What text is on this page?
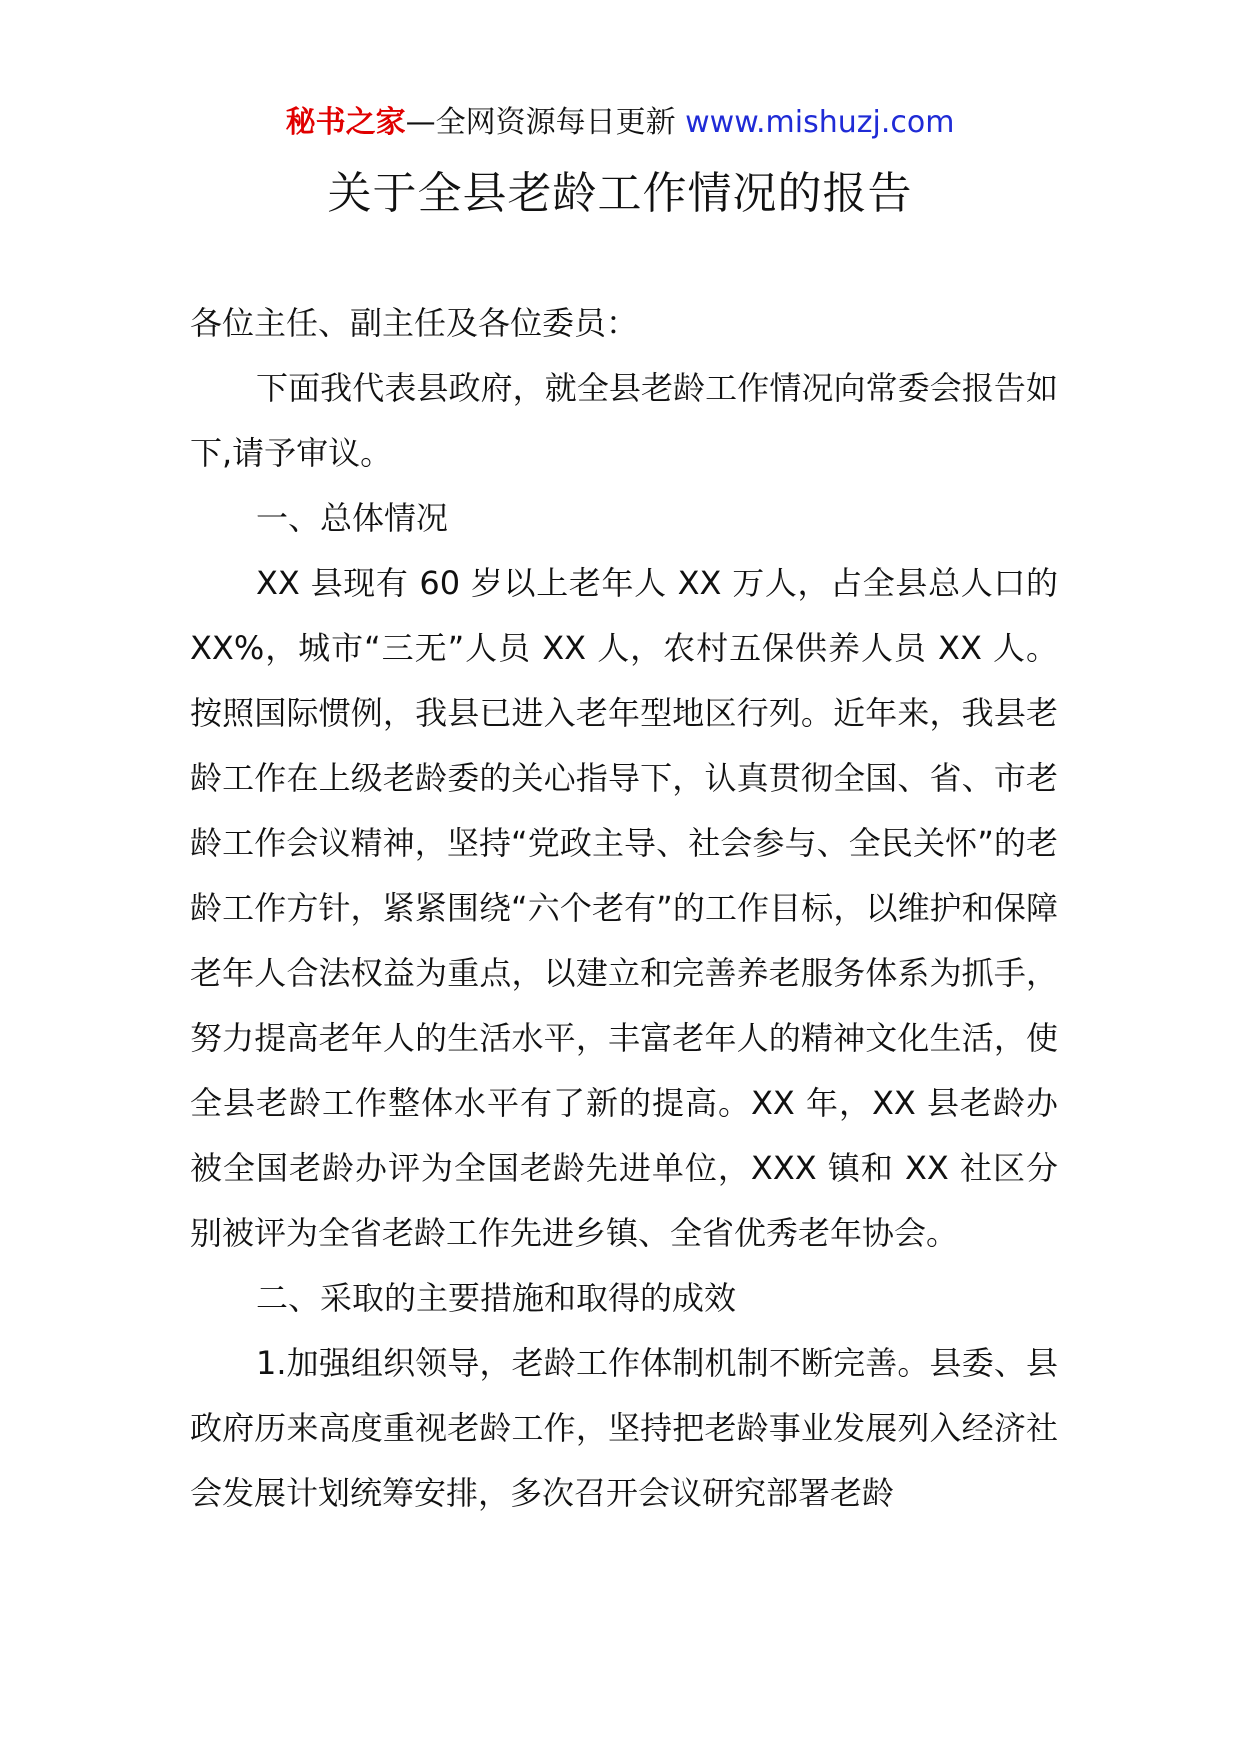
秘书之家—全网资源每日更新 www.mishuzj.com
关于全县老龄工作情况的报告

各位主任、副主任及各位委员：

下面我代表县政府，就全县老龄工作情况向常委会报告如下,请予审议。

一、总体情况

XX 县现有 60 岁以上老年人 XX 万人，占全县总人口的 XX%，城市“三无”人员 XX 人，农村五保供养人员 XX 人。按照国际惯例，我县已进入老年型地区行列。近年来，我县老龄工作在上级老龄委的关心指导下，认真贯彻全国、省、市老龄工作会议精神，坚持“党政主导、社会参与、全民关怀”的老龄工作方针，紧紧围绕“六个老有”的工作目标，以维护和保障老年人合法权益为重点，以建立和完善养老服务体系为抓手，努力提高老年人的生活水平，丰富老年人的精神文化生活，使全县老龄工作整体水平有了新的提高。XX 年，XX 县老龄办被全国老龄办评为全国老龄先进单位，XXX 镇和 XX 社区分别被评为全省老龄工作先进乡镇、全省优秀老年协会。

二、采取的主要措施和取得的成效

1.加强组织领导，老龄工作体制机制不断完善。县委、县政府历来高度重视老龄工作，坚持把老龄事业发展列入经济社会发展计划统筹安排，多次召开会议研究部署老龄
